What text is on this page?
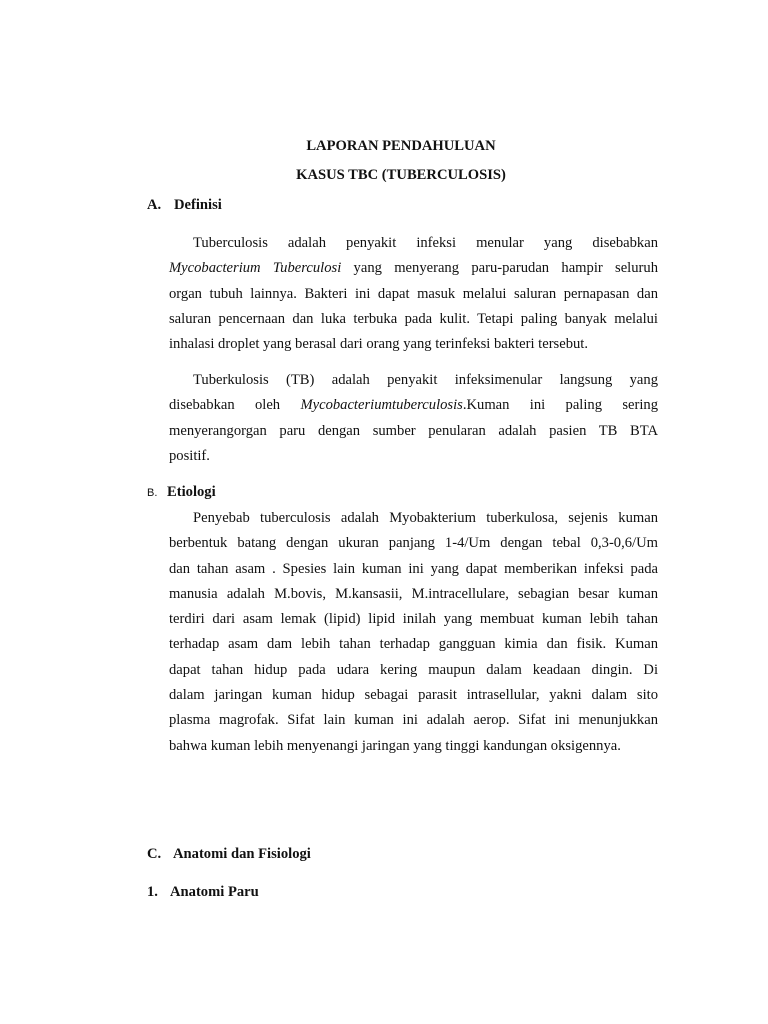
LAPORAN PENDAHULUAN
KASUS TBC (TUBERCULOSIS)
A. Definisi
Tuberculosis adalah penyakit infeksi menular yang disebabkan
Mycobacterium Tuberculosi yang menyerang paru-parudan hampir seluruh
organ tubuh lainnya. Bakteri ini dapat masuk melalui saluran pernapasan dan
saluran pencernaan dan luka terbuka pada kulit. Tetapi paling banyak melalui
inhalasi droplet yang berasal dari orang yang terinfeksi bakteri tersebut.
Tuberkulosis (TB) adalah penyakit infeksimenular langsung yang
disebabkan oleh Mycobacteriumtuberculosis.Kuman ini paling sering
menyerangorgan paru dengan sumber penularan adalah pasien TB BTA
positif.
B. Etiologi
Penyebab tuberculosis adalah Myobakterium tuberkulosa, sejenis kuman
berbentuk batang dengan ukuran panjang 1-4/Um dengan tebal 0,3-0,6/Um
dan tahan asam . Spesies lain kuman ini yang dapat memberikan infeksi pada
manusia adalah M.bovis, M.kansasii, M.intracellulare, sebagian besar kuman
terdiri dari asam lemak (lipid) lipid inilah yang membuat kuman lebih tahan
terhadap asam dam lebih tahan terhadap gangguan kimia dan fisik. Kuman
dapat tahan hidup pada udara kering maupun dalam keadaan dingin. Di
dalam jaringan kuman hidup sebagai parasit intrasellular, yakni dalam sito
plasma magrofak. Sifat lain kuman ini adalah aerop. Sifat ini menunjukkan
bahwa kuman lebih menyenangi jaringan yang tinggi kandungan oksigennya.
C. Anatomi dan Fisiologi
1. Anatomi Paru
